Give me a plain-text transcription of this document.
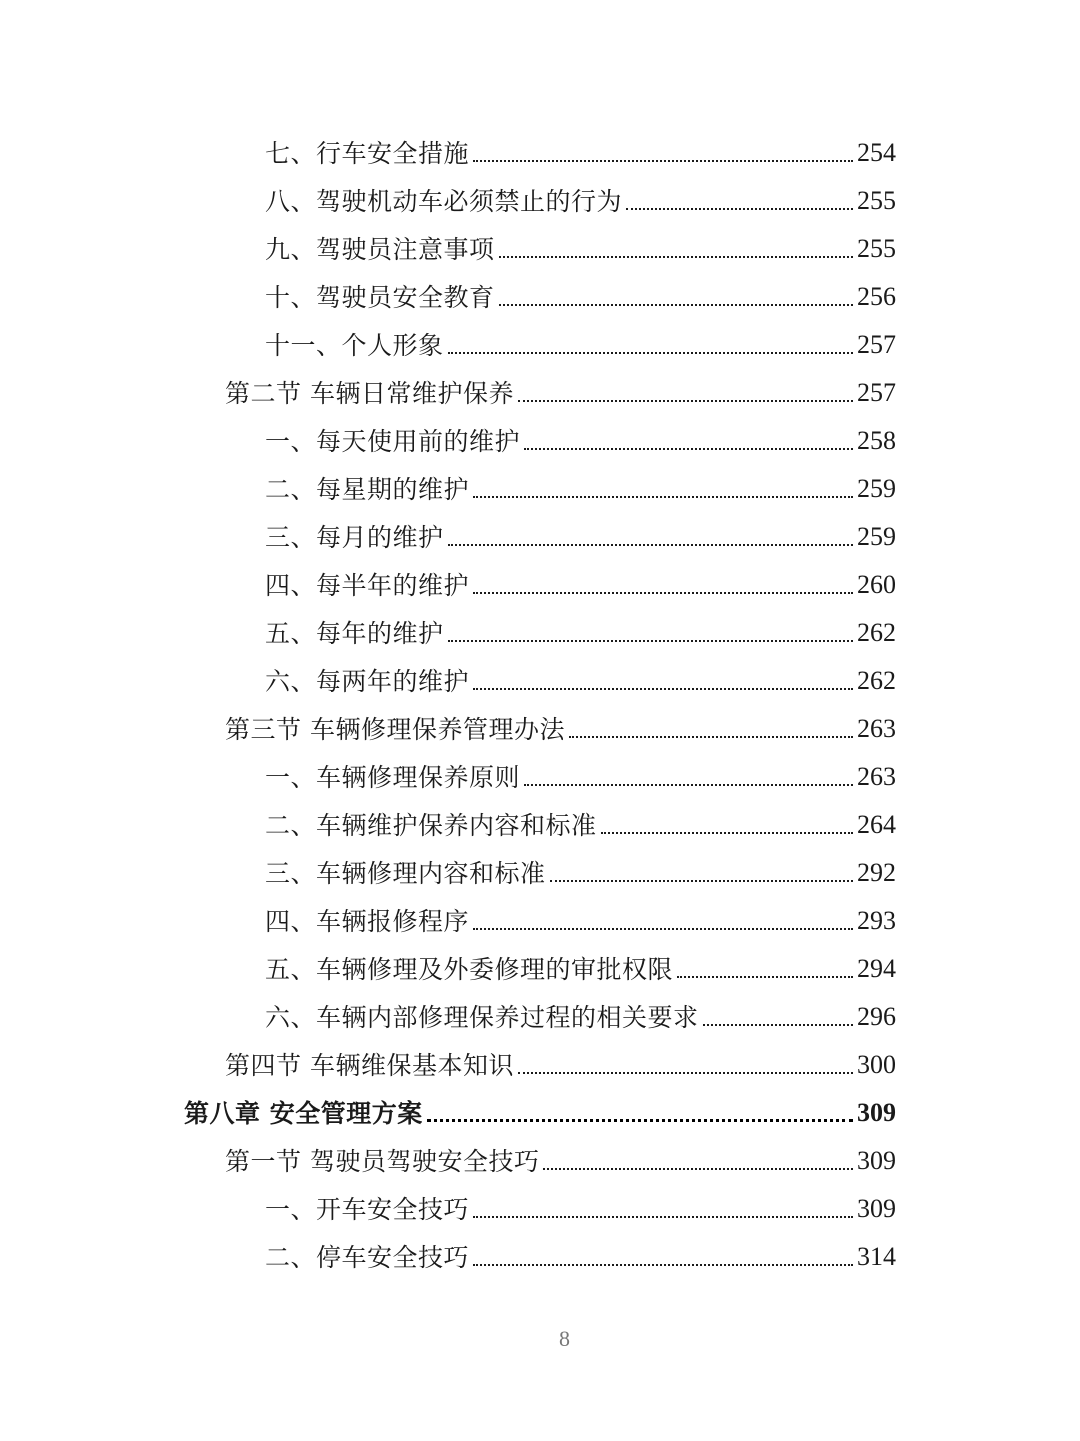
七、行车安全措施	254
八、驾驶机动车必须禁止的行为	255
九、驾驶员注意事项	255
十、驾驶员安全教育	256
十一、个人形象	257
第二节 车辆日常维护保养	257
一、每天使用前的维护	258
二、每星期的维护	259
三、每月的维护	259
四、每半年的维护	260
五、每年的维护	262
六、每两年的维护	262
第三节 车辆修理保养管理办法	263
一、车辆修理保养原则	263
二、车辆维护保养内容和标准	264
三、车辆修理内容和标准	292
四、车辆报修程序	293
五、车辆修理及外委修理的审批权限	294
六、车辆内部修理保养过程的相关要求	296
第四节 车辆维保基本知识	300
第八章 安全管理方案	309
第一节 驾驶员驾驶安全技巧	309
一、开车安全技巧	309
二、停车安全技巧	314
8
